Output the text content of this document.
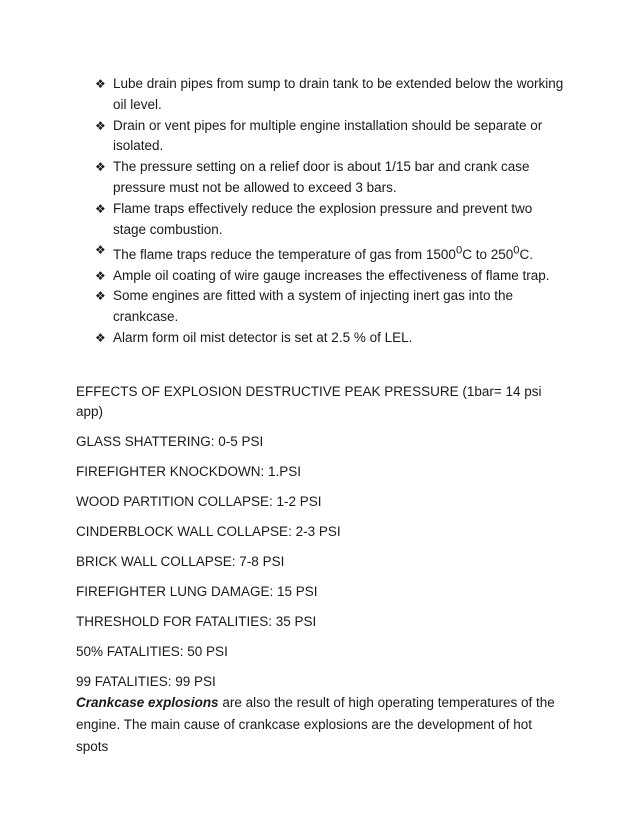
❖ Lube drain pipes from sump to drain tank to be extended below the working oil level.
❖ Drain or vent pipes for multiple engine installation should be separate or isolated.
❖ The pressure setting on a relief door is about 1/15 bar and crank case pressure must not be allowed to exceed 3 bars.
❖ Flame traps effectively reduce the explosion pressure and prevent two stage combustion.
❖ The flame traps reduce the temperature of gas from 1500$^0$C to $250^0C$.
❖ Ample oil coating of wire gauge increases the effectiveness of flame trap.
❖ Some engines are fitted with a system of injecting inert gas into the crankcase.
❖ Alarm form oil mist detector is set at 2.5 % of LEL.
EFFECTS OF EXPLOSION DESTRUCTIVE PEAK PRESSURE (1bar= 14 psi app)
GLASS SHATTERING: 0-5 PSI
FIREFIGHTER KNOCKDOWN: 1.PSI
WOOD PARTITION COLLAPSE: 1-2 PSI
CINDERBLOCK WALL COLLAPSE: 2-3 PSI
BRICK WALL COLLAPSE: 7-8 PSI
FIREFIGHTER LUNG DAMAGE: 15 PSI
THRESHOLD FOR FATALITIES: 35 PSI
50% FATALITIES: 50 PSI
99 FATALITIES: 99 PSI
Crankcase explosions are also the result of high operating temperatures of the engine. The main cause of crankcase explosions are the development of hot spots
